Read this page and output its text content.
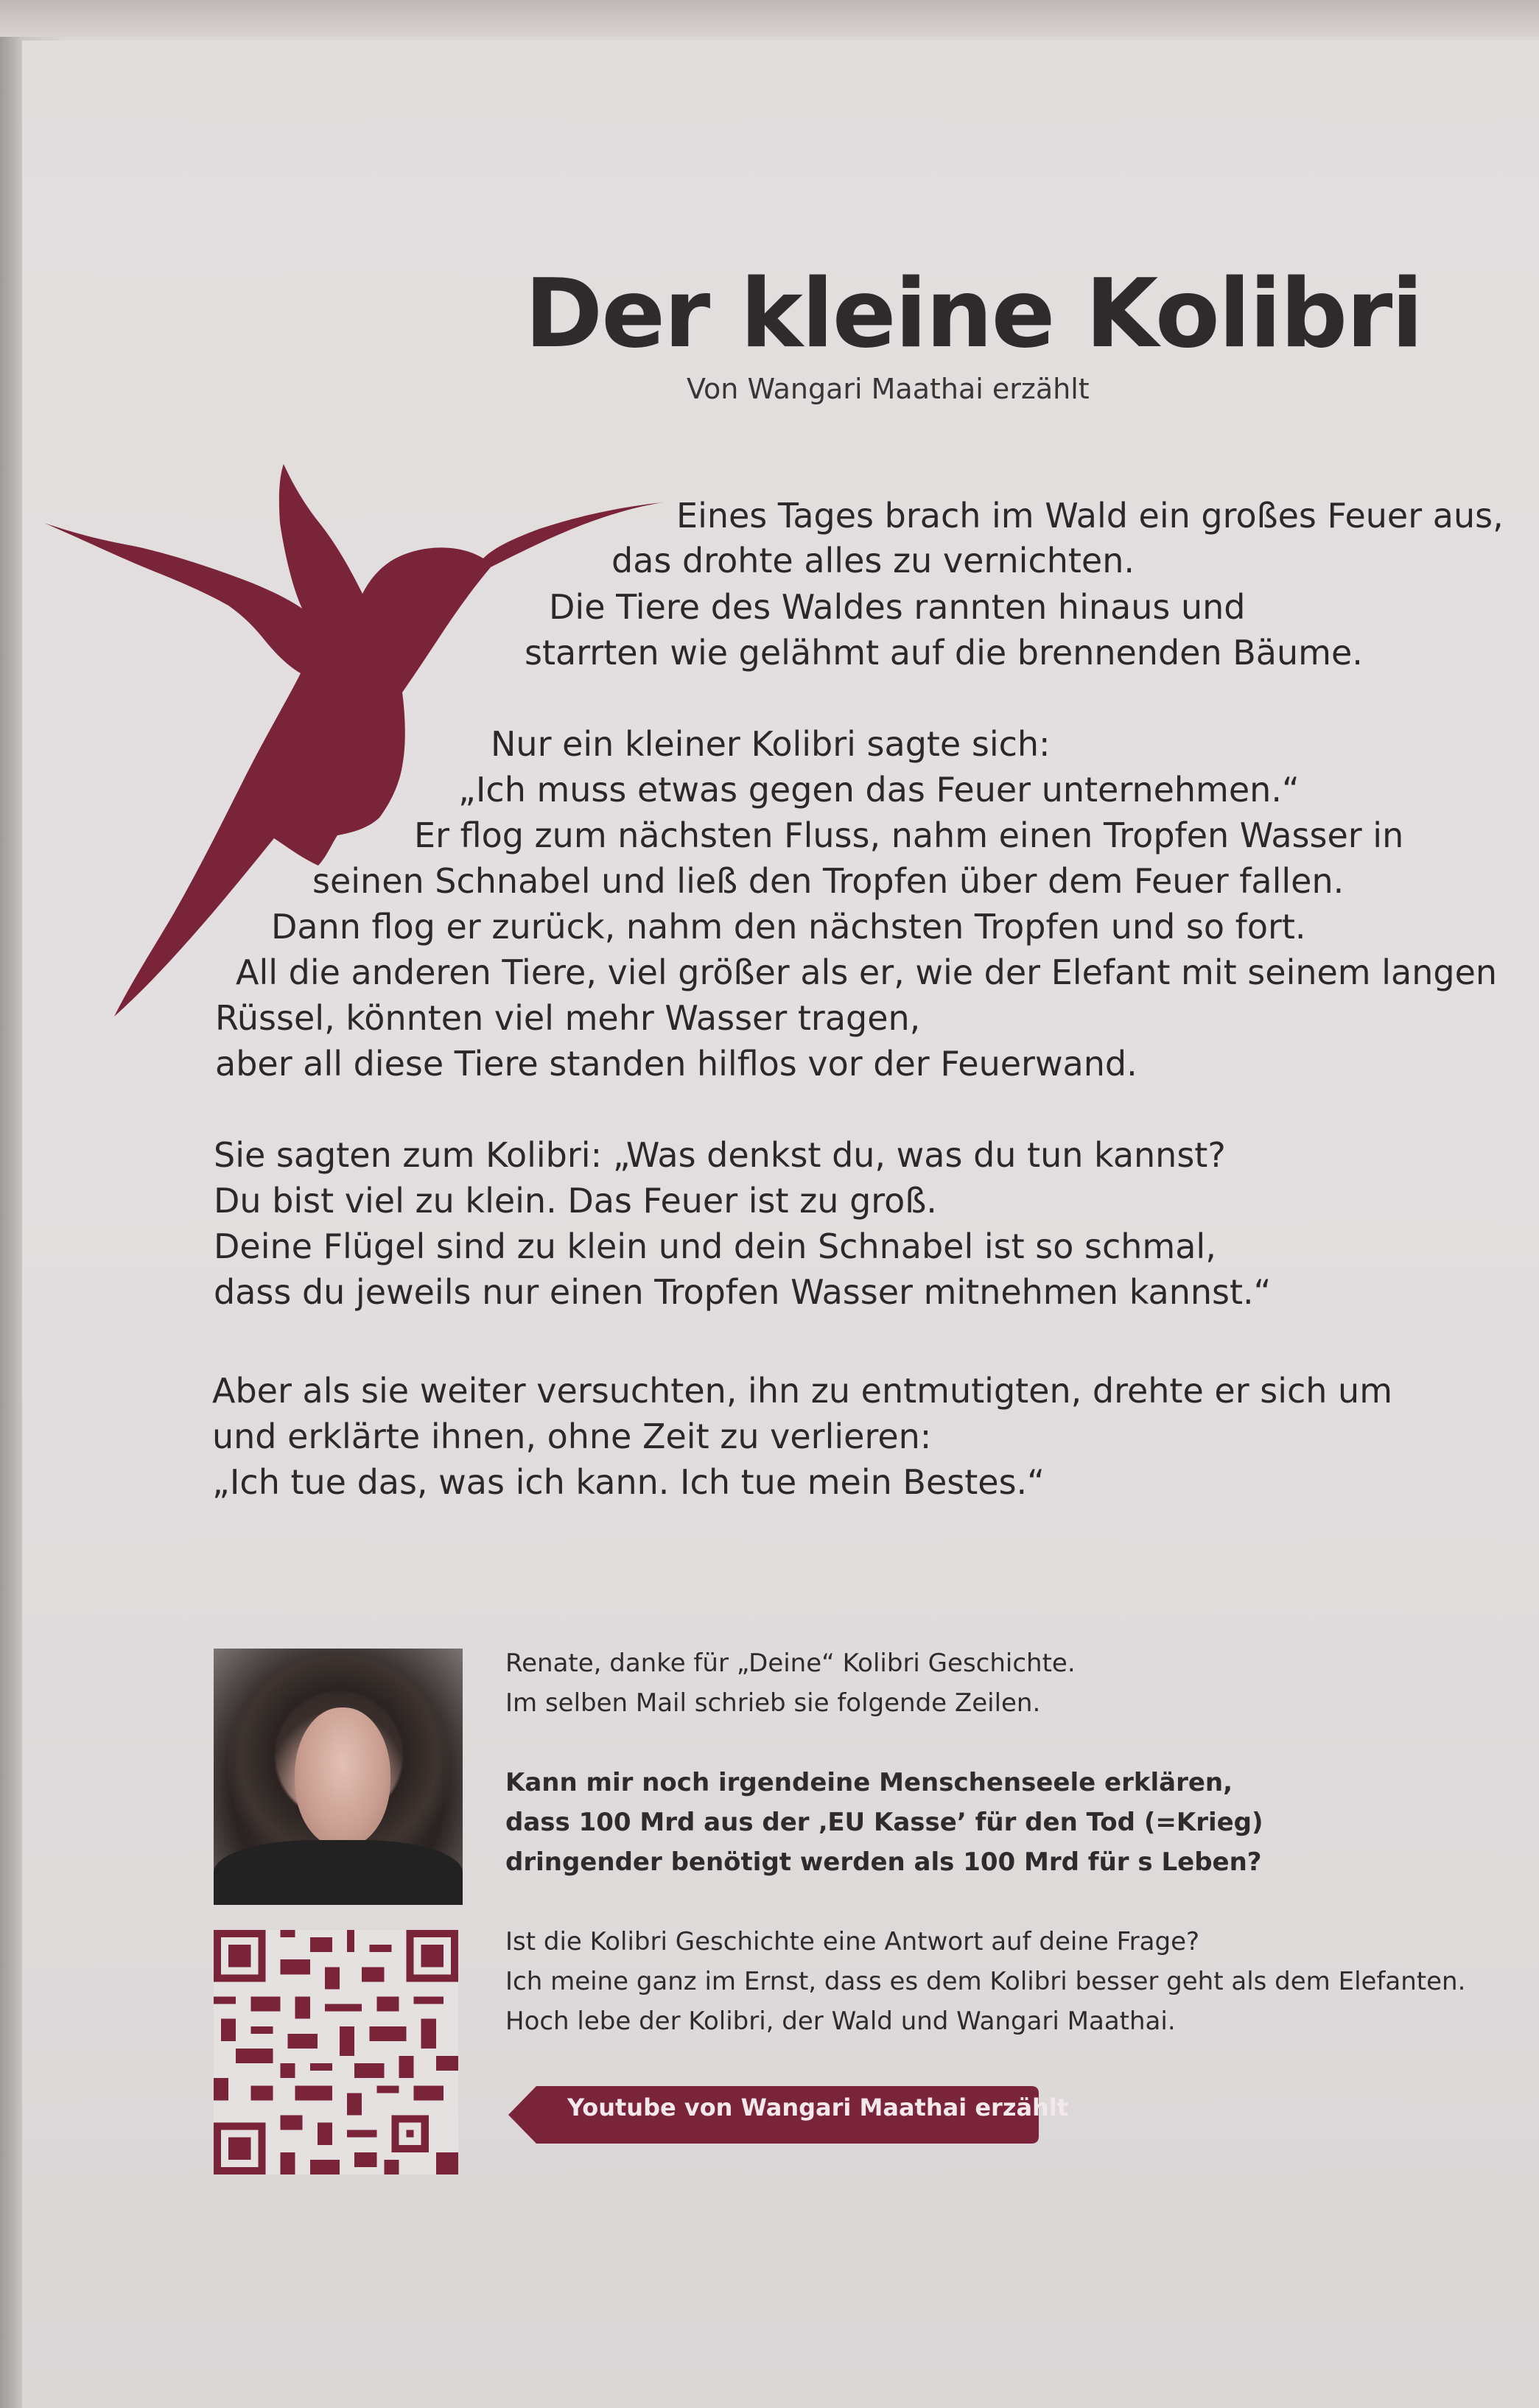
Der kleine Kolibri
Von Wangari Maathai erzählt

Eines Tages brach im Wald ein großes Feuer aus,

das drohte alles zu vernichten.

Die Tiere des Waldes rannten hinaus und

starrten wie gelähmt auf die brennenden Bäume.

Nur ein kleiner Kolibri sagte sich:

„Ich muss etwas gegen das Feuer unternehmen.“

Er flog zum nächsten Fluss, nahm einen Tropfen Wasser in

seinen Schnabel und ließ den Tropfen über dem Feuer fallen.

Dann flog er zurück, nahm den nächsten Tropfen und so fort.

All die anderen Tiere, viel größer als er, wie der Elefant mit seinem langen

Rüssel, könnten viel mehr Wasser tragen,

aber all diese Tiere standen hilflos vor der Feuerwand.

Sie sagten zum Kolibri: „Was denkst du, was du tun kannst?

Du bist viel zu klein. Das Feuer ist zu groß.

Deine Flügel sind zu klein und dein Schnabel ist so schmal,

dass du jeweils nur einen Tropfen Wasser mitnehmen kannst.“

Aber als sie weiter versuchten, ihn zu entmutigten, drehte er sich um

und erklärte ihnen, ohne Zeit zu verlieren:

„Ich tue das, was ich kann. Ich tue mein Bestes.“

Renate, danke für „Deine“ Kolibri Geschichte.

Im selben Mail schrieb sie folgende Zeilen.

Kann mir noch irgendeine Menschenseele erklären,

dass 100 Mrd aus der ‚EU Kasse’ für den Tod (=Krieg)

dringender benötigt werden als 100 Mrd für s Leben?

Ist die Kolibri Geschichte eine Antwort auf deine Frage?

Ich meine ganz im Ernst, dass es dem Kolibri besser geht als dem Elefanten.

Hoch lebe der Kolibri, der Wald und Wangari Maathai.

Youtube von Wangari Maathai erzählt
